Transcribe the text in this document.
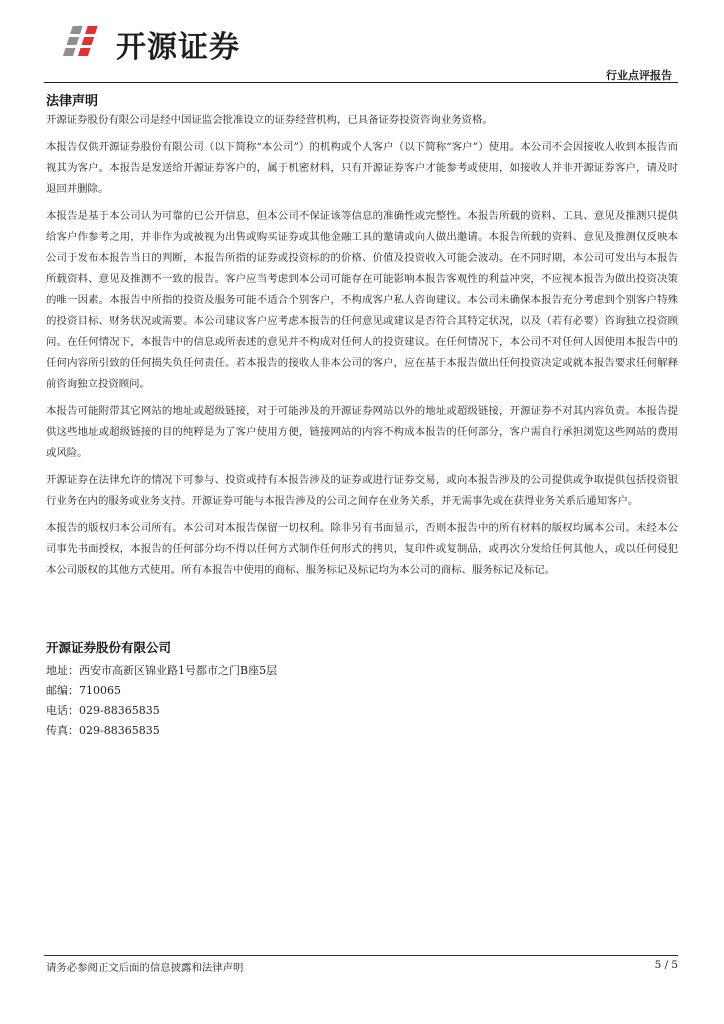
开源证券
行业点评报告
法律声明

开源证券股份有限公司是经中国证监会批准设立的证券经营机构，已具备证券投资咨询业务资格。

本报告仅供开源证券股份有限公司（以下简称“本公司”）的机构或个人客户（以下简称“客户”）使用。本公司不会因接收人收到本报告而视其为客户。本报告是发送给开源证券客户的，属于机密材料，只有开源证券客户才能参考或使用，如接收人并非开源证券客户，请及时退回并删除。

本报告是基于本公司认为可靠的已公开信息，但本公司不保证该等信息的准确性或完整性。本报告所载的资料、工具、意见及推测只提供给客户作参考之用，并非作为或被视为出售或购买证券或其他金融工具的邀请或向人做出邀请。本报告所载的资料、意见及推测仅反映本公司于发布本报告当日的判断，本报告所指的证券或投资标的的价格、价值及投资收入可能会波动。在不同时期，本公司可发出与本报告所载资料、意见及推测不一致的报告。客户应当考虑到本公司可能存在可能影响本报告客观性的利益冲突，不应视本报告为做出投资决策的唯一因素。本报告中所指的投资及服务可能不适合个别客户，不构成客户私人咨询建议。本公司未确保本报告充分考虑到个别客户特殊的投资目标、财务状况或需要。本公司建议客户应考虑本报告的任何意见或建议是否符合其特定状况，以及（若有必要）咨询独立投资顾问。在任何情况下，本报告中的信息或所表述的意见并不构成对任何人的投资建议。在任何情况下，本公司不对任何人因使用本报告中的任何内容所引致的任何损失负任何责任。若本报告的接收人非本公司的客户，应在基于本报告做出任何投资决定或就本报告要求任何解释前咨询独立投资顾问。

本报告可能附带其它网站的地址或超级链接，对于可能涉及的开源证券网站以外的地址或超级链接，开源证券不对其内容负责。本报告提供这些地址或超级链接的目的纯粹是为了客户使用方便，链接网站的内容不构成本报告的任何部分，客户需自行承担浏览这些网站的费用或风险。

开源证券在法律允许的情况下可参与、投资或持有本报告涉及的证券或进行证券交易，或向本报告涉及的公司提供或争取提供包括投资银行业务在内的服务或业务支持。开源证券可能与本报告涉及的公司之间存在业务关系，并无需事先或在获得业务关系后通知客户。

本报告的版权归本公司所有。本公司对本报告保留一切权利。除非另有书面显示，否则本报告中的所有材料的版权均属本公司。未经本公司事先书面授权，本报告的任何部分均不得以任何方式制作任何形式的拷贝，复印件或复制品，或再次分发给任何其他人，或以任何侵犯本公司版权的其他方式使用。所有本报告中使用的商标、服务标记及标记均为本公司的商标、服务标记及标记。

开源证券股份有限公司
地址：西安市高新区锦业路1号都市之门B座5层
邮编：710065
电话：029-88365835
传真：029-88365835
请务必参阅正文后面的信息披露和法律声明	5 / 5
